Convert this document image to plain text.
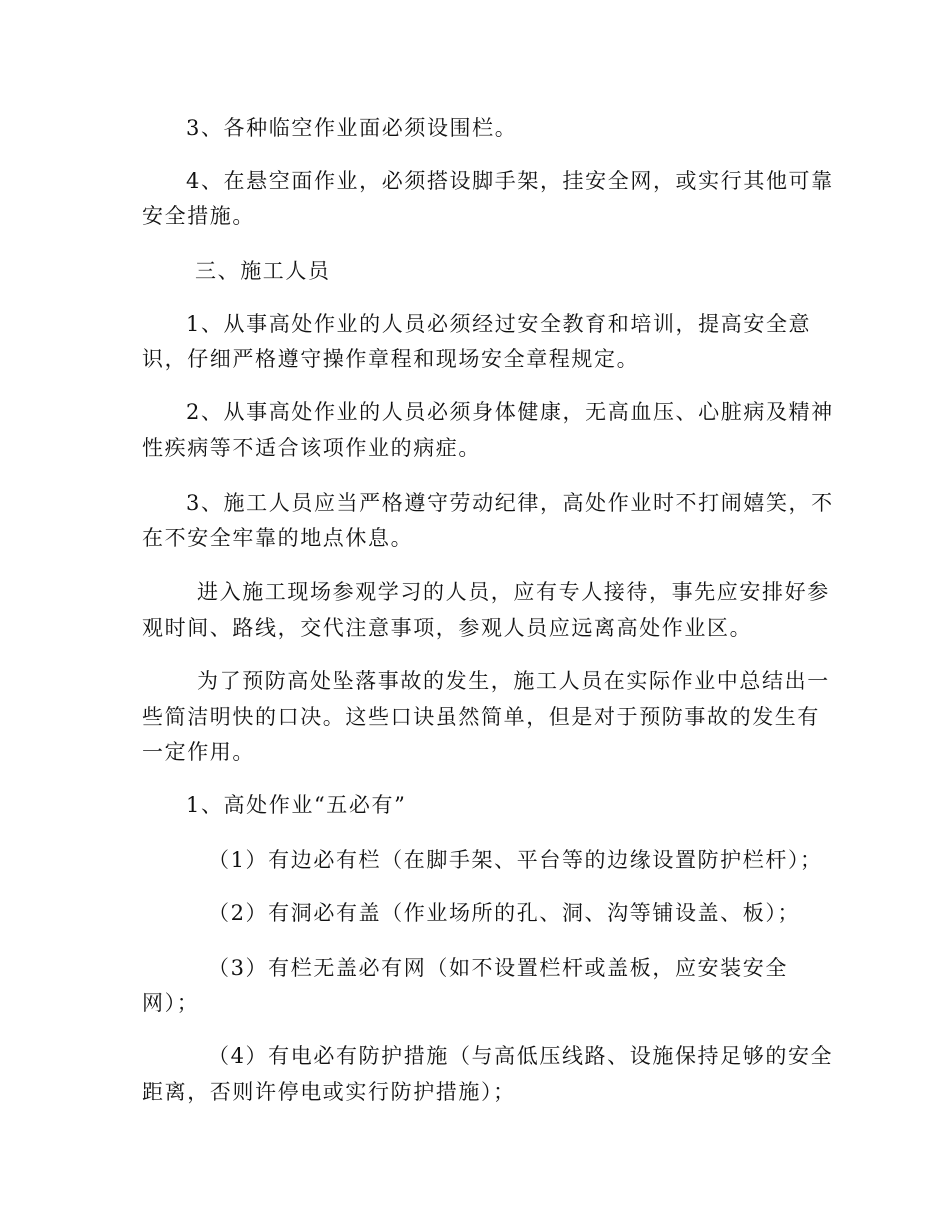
3、各种临空作业面必须设围栏。
4、在悬空面作业，必须搭设脚手架，挂安全网，或实行其他可靠
安全措施。
三、施工人员
1、从事高处作业的人员必须经过安全教育和培训，提高安全意
识，仔细严格遵守操作章程和现场安全章程规定。
2、从事高处作业的人员必须身体健康，无高血压、心脏病及精神
性疾病等不适合该项作业的病症。
3、施工人员应当严格遵守劳动纪律，高处作业时不打闹嬉笑，不
在不安全牢靠的地点休息。
进入施工现场参观学习的人员，应有专人接待，事先应安排好参
观时间、路线，交代注意事项，参观人员应远离高处作业区。
为了预防高处坠落事故的发生，施工人员在实际作业中总结出一
些简洁明快的口决。这些口诀虽然简单，但是对于预防事故的发生有
一定作用。
1、高处作业“五必有”
（1）有边必有栏（在脚手架、平台等的边缘设置防护栏杆）；
（2）有洞必有盖（作业场所的孔、洞、沟等铺设盖、板）；
（3）有栏无盖必有网（如不设置栏杆或盖板，应安装安全
网）；
（4）有电必有防护措施（与高低压线路、设施保持足够的安全
距离，否则许停电或实行防护措施）；
